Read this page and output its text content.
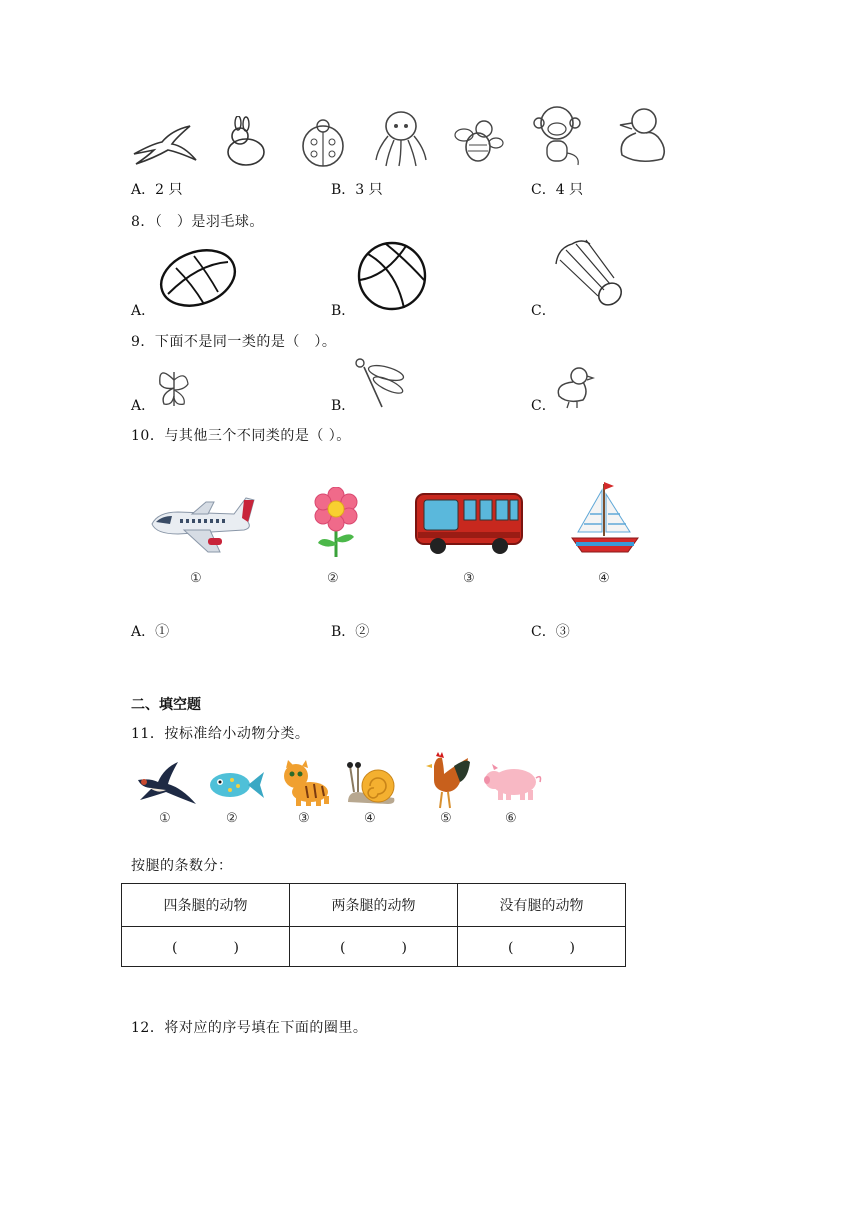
A．2 只	B．3 只	C．4 只
8．（　）是羽毛球。
A．	B．	C．
9．下面不是同一类的是（　）。
A．	B．	C．
10．与其他三个不同类的是（ ）。
①	②	③	④
A．①	B．②	C．③
二、填空题
11．按标准给小动物分类。
①	②	③	④	⑤	⑥
按腿的条数分：
四条腿的动物	两条腿的动物	没有腿的动物
(　　　　)	(　　　　)	(　　　　)
12．将对应的序号填在下面的圈里。
